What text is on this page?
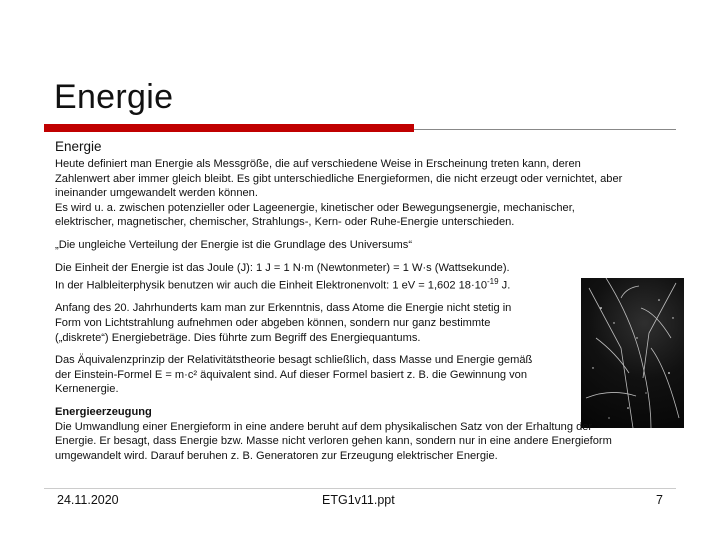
Energie
Energie

Heute definiert man Energie als Messgröße, die auf verschiedene Weise in Erscheinung treten kann, deren

Zahlenwert aber immer gleich bleibt. Es gibt unterschiedliche Energieformen, die nicht erzeugt oder vernichtet, aber

ineinander umgewandelt werden können.

Es wird u. a. zwischen potenzieller oder Lageenergie, kinetischer oder Bewegungsenergie, mechanischer,

elektrischer, magnetischer, chemischer, Strahlungs-, Kern- oder Ruhe-Energie unterschieden.

„Die ungleiche Verteilung der Energie ist die Grundlage des Universums“

Die Einheit der Energie ist das Joule (J): 1 J = 1 N·m (Newtonmeter) = 1 W·s (Wattsekunde).

In der Halbleiterphysik benutzen wir auch die Einheit Elektronenvolt: 1 eV = 1,602 $18\cdot 10^{-19}$ J.

Anfang des 20. Jahrhunderts kam man zur Erkenntnis, dass Atome die Energie nicht stetig in

Form von Lichtstrahlung aufnehmen oder abgeben können, sondern nur ganz bestimmte

(„diskrete“) Energiebeträge. Dies führte zum Begriff des Energiequantums.

Das Äquivalenzprinzip der Relativitätstheorie besagt schließlich, dass Masse und Energie gemäß

der Einstein-Formel E = m·c² äquivalent sind. Auf dieser Formel basiert z. B. die Gewinnung von

Kernenergie.

Energieerzeugung

Die Umwandlung einer Energieform in eine andere beruht auf dem physikalischen Satz von der Erhaltung der

Energie. Er besagt, dass Energie bzw. Masse nicht verloren gehen kann, sondern nur in eine andere Energieform

umgewandelt wird. Darauf beruhen z. B. Generatoren zur Erzeugung elektrischer Energie.

24.11.2020	ETG1v11.ppt	7
